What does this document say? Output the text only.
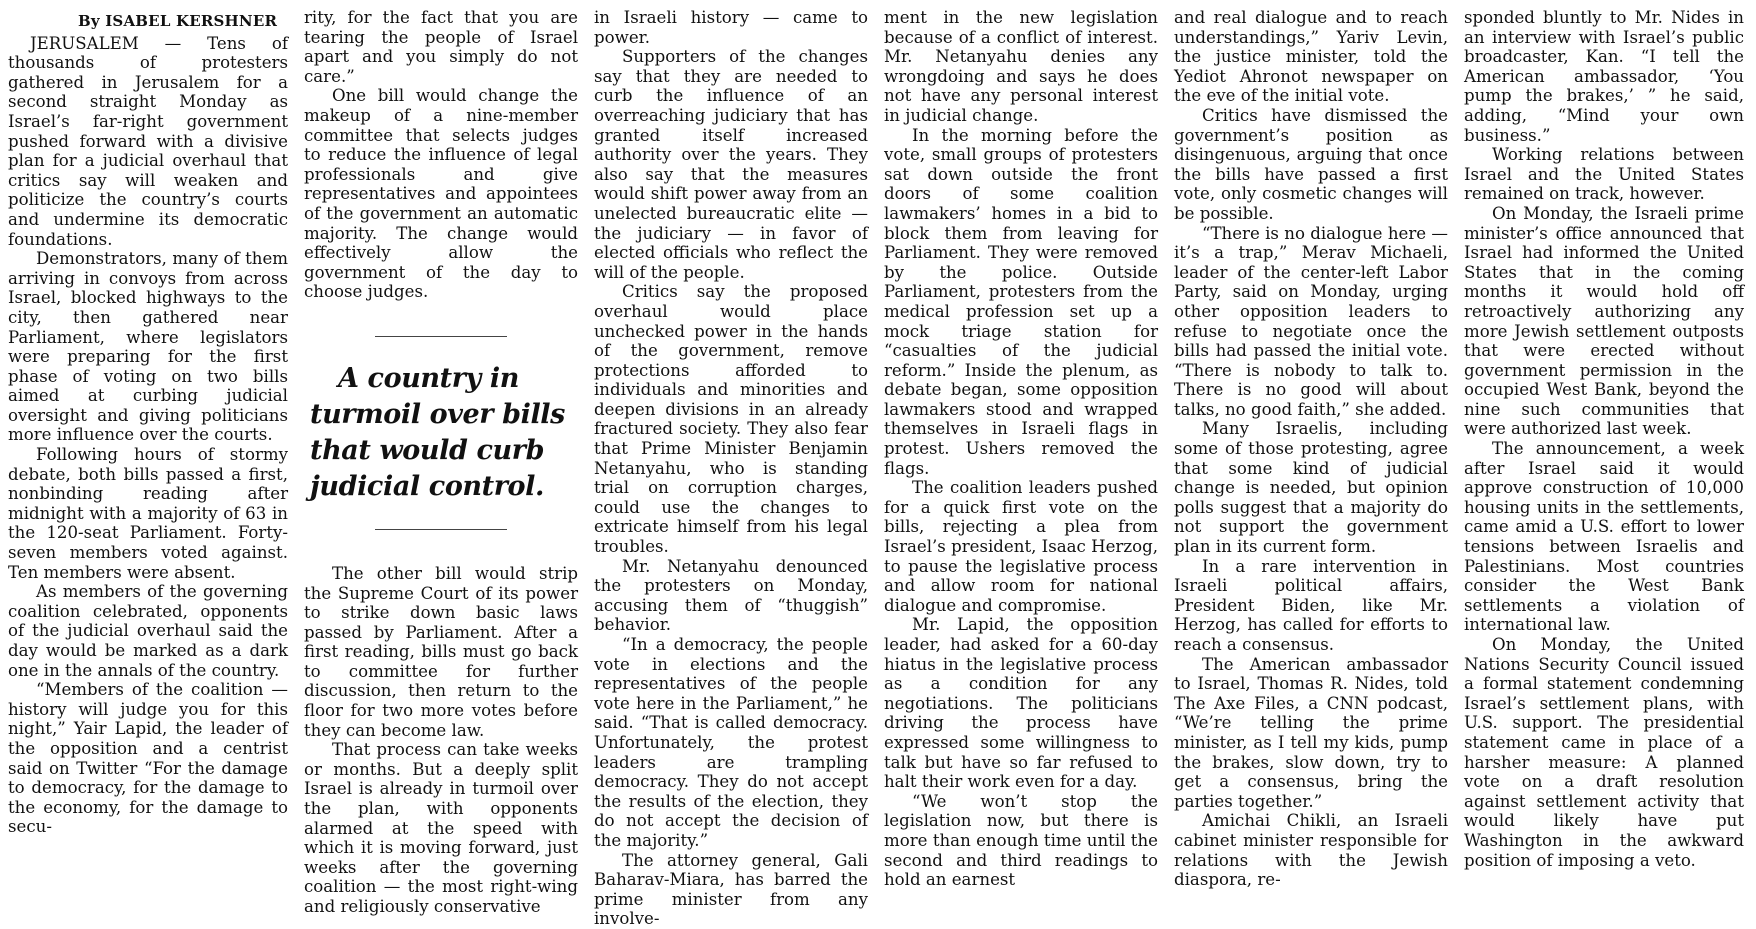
By ISABEL KERSHNER

JERUSALEM — Tens of thousands of protesters gathered in Jerusalem for a second straight Monday as Israel’s far-right government pushed forward with a divisive plan for a judicial overhaul that critics say will weaken and politicize the country’s courts and undermine its democratic foundations.

Demonstrators, many of them arriving in convoys from across Israel, blocked highways to the city, then gathered near Parliament, where legislators were preparing for the first phase of voting on two bills aimed at curbing judicial oversight and giving politicians more influence over the courts.

Following hours of stormy debate, both bills passed a first, nonbinding reading after midnight with a majority of 63 in the 120-seat Parliament. Forty-seven members voted against. Ten members were absent.

As members of the governing coalition celebrated, opponents of the judicial overhaul said the day would be marked as a dark one in the annals of the country.

“Members of the coalition — history will judge you for this night,” Yair Lapid, the leader of the opposition and a centrist said on Twitter “For the damage to democracy, for the damage to the economy, for the damage to secu-

rity, for the fact that you are tearing the people of Israel apart and you simply do not care.”

One bill would change the makeup of a nine-member committee that selects judges to reduce the influence of legal professionals and give representatives and appointees of the government an automatic majority. The change would effectively allow the government of the day to choose judges.

A country in turmoil over bills that would curb judicial control.

The other bill would strip the Supreme Court of its power to strike down basic laws passed by Parliament. After a first reading, bills must go back to committee for further discussion, then return to the floor for two more votes before they can become law.

That process can take weeks or months. But a deeply split Israel is already in turmoil over the plan, with opponents alarmed at the speed with which it is moving forward, just weeks after the governing coalition — the most right-wing and religiously conservative

in Israeli history — came to power.

Supporters of the changes say that they are needed to curb the influence of an overreaching judiciary that has granted itself increased authority over the years. They also say that the measures would shift power away from an unelected bureaucratic elite — the judiciary — in favor of elected officials who reflect the will of the people.

Critics say the proposed overhaul would place unchecked power in the hands of the government, remove protections afforded to individuals and minorities and deepen divisions in an already fractured society. They also fear that Prime Minister Benjamin Netanyahu, who is standing trial on corruption charges, could use the changes to extricate himself from his legal troubles.

Mr. Netanyahu denounced the protesters on Monday, accusing them of “thuggish” behavior.

“In a democracy, the people vote in elections and the representatives of the people vote here in the Parliament,” he said. “That is called democracy. Unfortunately, the protest leaders are trampling democracy. They do not accept the results of the election, they do not accept the decision of the majority.”

The attorney general, Gali Baharav-Miara, has barred the prime minister from any involve-

ment in the new legislation because of a conflict of interest. Mr. Netanyahu denies any wrongdoing and says he does not have any personal interest in judicial change.

In the morning before the vote, small groups of protesters sat down outside the front doors of some coalition lawmakers’ homes in a bid to block them from leaving for Parliament. They were removed by the police. Outside Parliament, protesters from the medical profession set up a mock triage station for “casualties of the judicial reform.” Inside the plenum, as debate began, some opposition lawmakers stood and wrapped themselves in Israeli flags in protest. Ushers removed the flags.

The coalition leaders pushed for a quick first vote on the bills, rejecting a plea from Israel’s president, Isaac Herzog, to pause the legislative process and allow room for national dialogue and compromise.

Mr. Lapid, the opposition leader, had asked for a 60-day hiatus in the legislative process as a condition for any negotiations. The politicians driving the process have expressed some willingness to talk but have so far refused to halt their work even for a day.

“We won’t stop the legislation now, but there is more than enough time until the second and third readings to hold an earnest

and real dialogue and to reach understandings,” Yariv Levin, the justice minister, told the Yediot Ahronot newspaper on the eve of the initial vote.

Critics have dismissed the government’s position as disingenuous, arguing that once the bills have passed a first vote, only cosmetic changes will be possible.

“There is no dialogue here — it’s a trap,” Merav Michaeli, leader of the center-left Labor Party, said on Monday, urging other opposition leaders to refuse to negotiate once the bills had passed the initial vote. “There is nobody to talk to. There is no good will about talks, no good faith,” she added.

Many Israelis, including some of those protesting, agree that some kind of judicial change is needed, but opinion polls suggest that a majority do not support the government plan in its current form.

In a rare intervention in Israeli political affairs, President Biden, like Mr. Herzog, has called for efforts to reach a consensus.

The American ambassador to Israel, Thomas R. Nides, told The Axe Files, a CNN podcast, “We’re telling the prime minister, as I tell my kids, pump the brakes, slow down, try to get a consensus, bring the parties together.”

Amichai Chikli, an Israeli cabinet minister responsible for relations with the Jewish diaspora, re-

sponded bluntly to Mr. Nides in an interview with Israel’s public broadcaster, Kan. “I tell the American ambassador, ‘You pump the brakes,’ ” he said, adding, “Mind your own business.”

Working relations between Israel and the United States remained on track, however.

On Monday, the Israeli prime minister’s office announced that Israel had informed the United States that in the coming months it would hold off retroactively authorizing any more Jewish settlement outposts that were erected without government permission in the occupied West Bank, beyond the nine such communities that were authorized last week.

The announcement, a week after Israel said it would approve construction of 10,000 housing units in the settlements, came amid a U.S. effort to lower tensions between Israelis and Palestinians. Most countries consider the West Bank settlements a violation of international law.

On Monday, the United Nations Security Council issued a formal statement condemning Israel’s settlement plans, with U.S. support. The presidential statement came in place of a harsher measure: A planned vote on a draft resolution against settlement activity that would likely have put Washington in the awkward position of imposing a veto.
